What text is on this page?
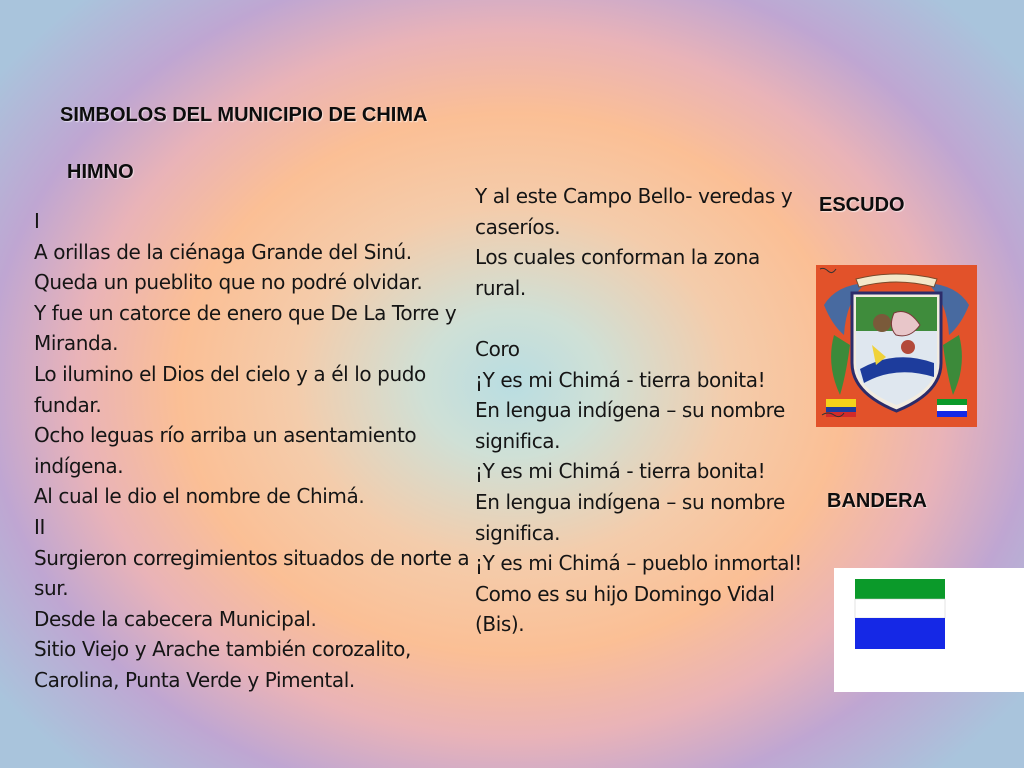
SIMBOLOS DEL MUNICIPIO DE CHIMA
HIMNO
I
A orillas de la ciénaga Grande del Sinú.
Queda un pueblito que no podré olvidar.
Y fue un catorce de enero que De La Torre y Miranda.
Lo ilumino el Dios del cielo y a él lo pudo fundar.
Ocho leguas río arriba un asentamiento indígena.
Al cual le dio el nombre de Chimá.
II
Surgieron corregimientos situados de norte a sur.
Desde la cabecera Municipal.
Sitio Viejo y Arache también corozalito, Carolina, Punta Verde y Pimental.
Y al este Campo Bello- veredas y caseríos.
Los cuales conforman la zona rural.
Coro
¡Y es mi Chimá - tierra bonita!
En lengua indígena – su nombre significa.
¡Y es mi Chimá - tierra bonita!
En lengua indígena – su nombre significa.
¡Y es mi Chimá – pueblo inmortal!
Como es su hijo Domingo Vidal (Bis).
ESCUDO
BANDERA
